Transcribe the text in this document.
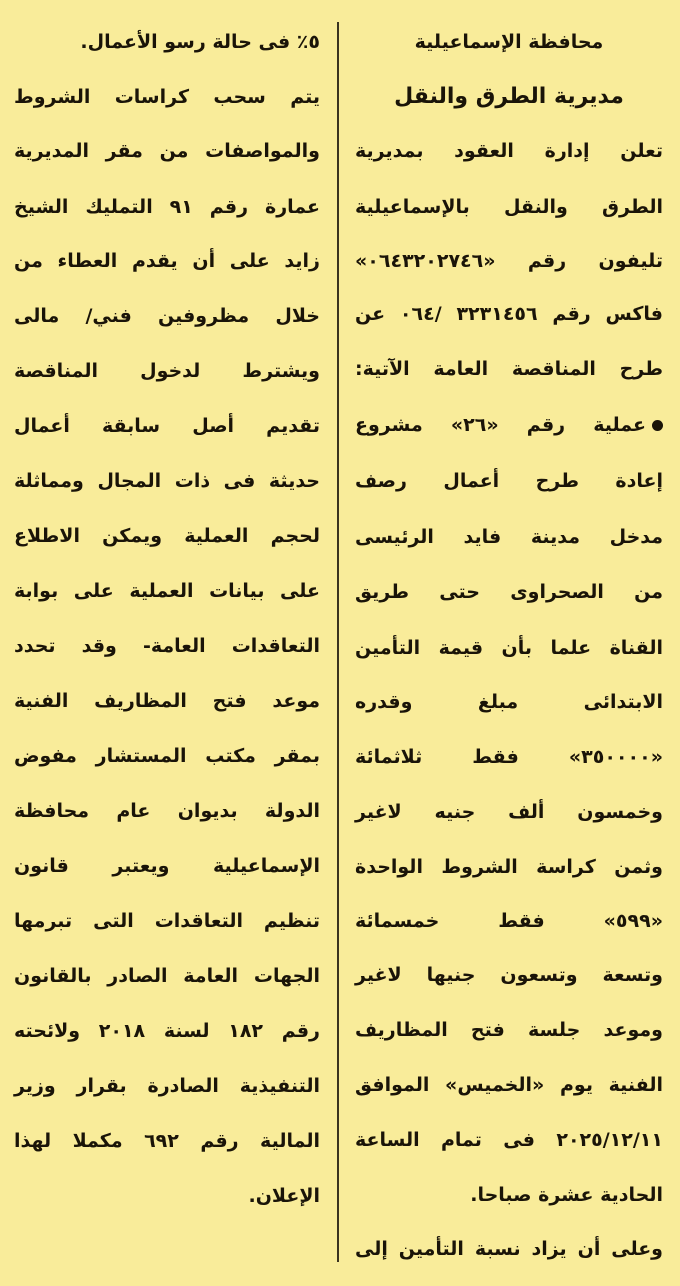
محافظة الإسماعيلية
مديرية الطرق والنقل
تعلن إدارة العقود بمديرية
الطرق والنقل بالإسماعيلية
تليفون رقم «٠٦٤٣٢٠٢٧٤٦»
فاكس رقم ٣٢٣١٤٥٦ /٠٦٤ عن
طرح المناقصة العامة الآتية:
عملية رقم «٢٦» مشروع
إعادة طرح أعمال رصف
مدخل مدينة فايد الرئيسى
من الصحراوى حتى طريق
القناة علما بأن قيمة التأمين
الابتدائى مبلغ وقدره
«٣٥٠٠٠٠» فقط ثلاثمائة
وخمسون ألف جنيه لاغير
وثمن كراسة الشروط الواحدة
«٥٩٩» فقط خمسمائة
وتسعة وتسعون جنيها لاغير
وموعد جلسة فتح المظاريف
الفنية يوم «الخميس» الموافق
٢٠٢٥/١٢/١١ فى تمام الساعة
الحادية عشرة صباحا.
وعلى أن يزاد نسبة التأمين إلى
٥٪ فى حالة رسو الأعمال.
يتم سحب كراسات الشروط
والمواصفات من مقر المديرية
عمارة رقم ٩١ التمليك الشيخ
زايد على أن يقدم العطاء من
خلال مظروفين فني/ مالى
ويشترط لدخول المناقصة
تقديم أصل سابقة أعمال
حديثة فى ذات المجال ومماثلة
لحجم العملية ويمكن الاطلاع
على بيانات العملية على بوابة
التعاقدات العامة- وقد تحدد
موعد فتح المظاريف الفنية
بمقر مكتب المستشار مفوض
الدولة بديوان عام محافظة
الإسماعيلية ويعتبر قانون
تنظيم التعاقدات التى تبرمها
الجهات العامة الصادر بالقانون
رقم ١٨٢ لسنة ٢٠١٨ ولائحته
التنفيذية الصادرة بقرار وزير
المالية رقم ٦٩٢ مكملا لهذا
الإعلان.
